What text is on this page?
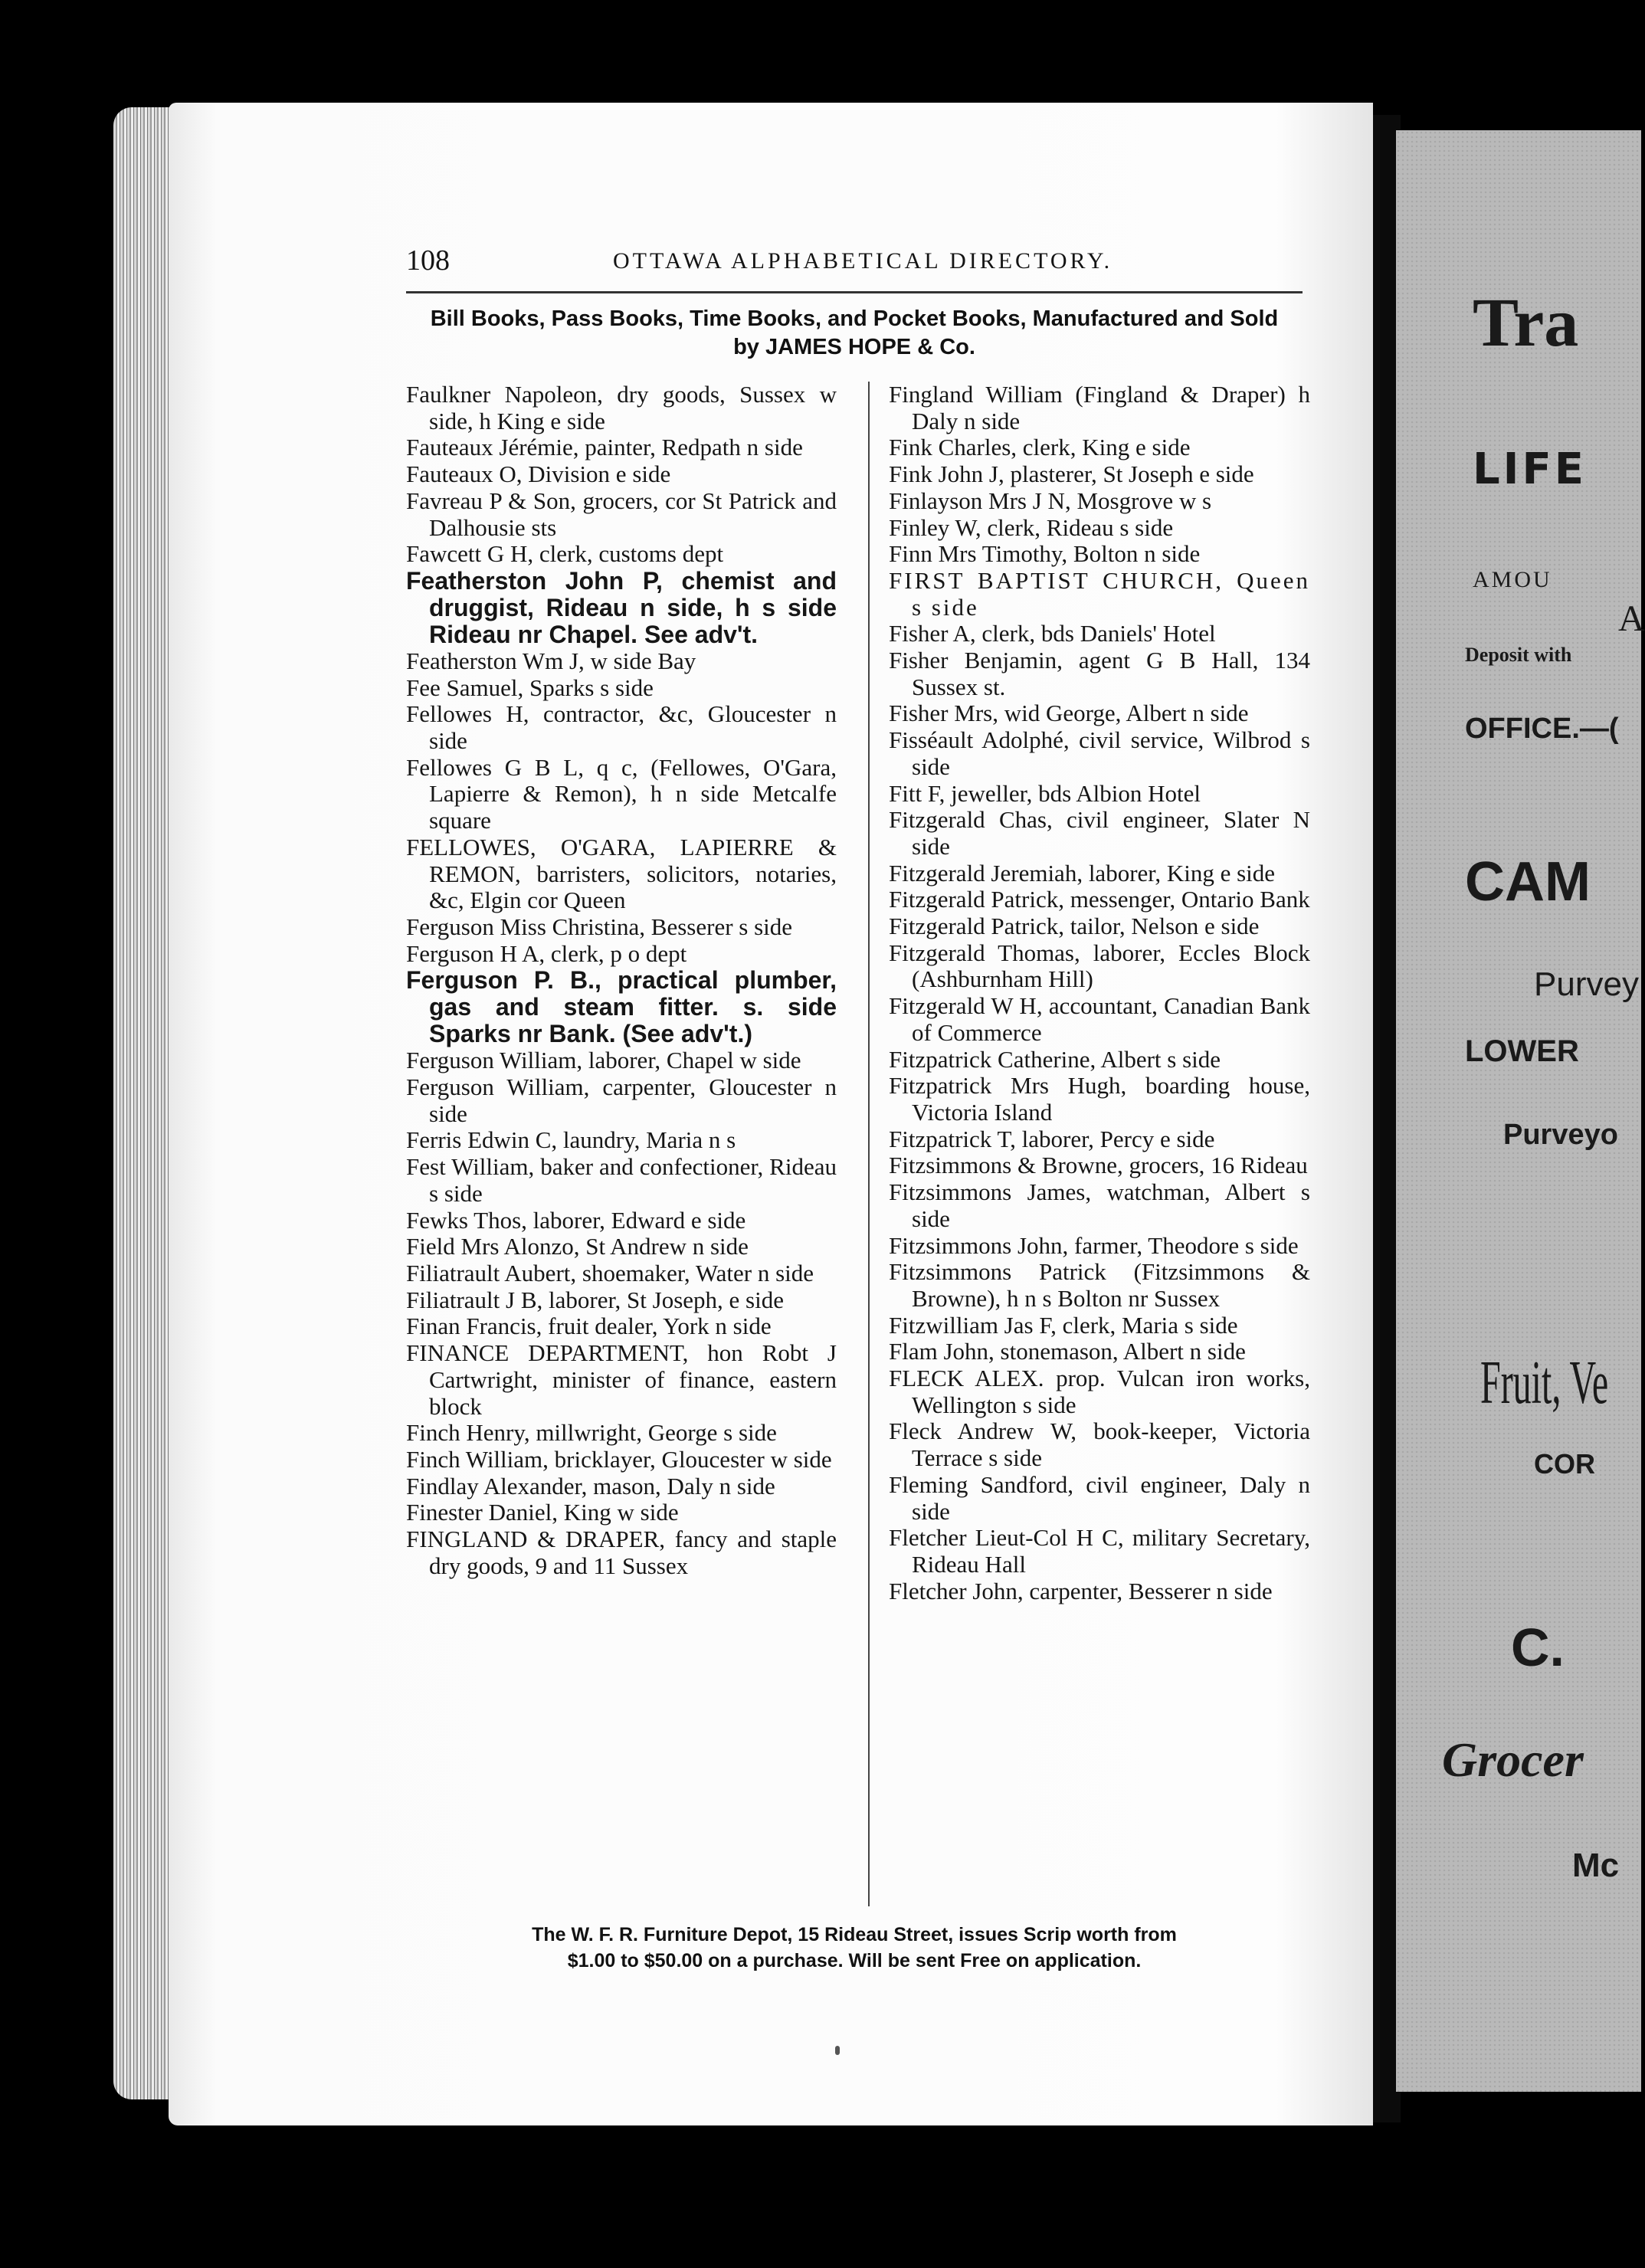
Tra
LIFE
AMOU
A
Deposit with
OFFICE.—(
CAM
Purvey
LOWER
Purveyo
Fruit, Ve
COR
C.
Grocer
Mc
108	OTTAWA ALPHABETICAL DIRECTORY.
Bill Books, Pass Books, Time Books, and Pocket Books, Manufactured and Sold
by JAMES HOPE & Co.
Faulkner Napoleon, dry goods, Sussex w side, h King e side
Fauteaux Jérémie, painter, Redpath n side
Fauteaux O, Division e side
Favreau P & Son, grocers, cor St Patrick and Dalhousie sts
Fawcett G H, clerk, customs dept
Featherston John P, chemist and druggist, Rideau n side, h s side Rideau nr Chapel. See adv't.
Featherston Wm J, w side Bay
Fee Samuel, Sparks s side
Fellowes H, contractor, &c, Gloucester n side
Fellowes G B L, q c, (Fellowes, O'Gara, Lapierre & Remon), h n side Metcalfe square
FELLOWES, O'GARA, LAPIERRE & REMON, barristers, solicitors, notaries, &c, Elgin cor Queen
Ferguson Miss Christina, Besserer s side
Ferguson H A, clerk, p o dept
Ferguson P. B., practical plumber, gas and steam fitter. s. side Sparks nr Bank. (See adv't.)
Ferguson William, laborer, Chapel w side
Ferguson William, carpenter, Gloucester n side
Ferris Edwin C, laundry, Maria n s
Fest William, baker and confectioner, Rideau s side
Fewks Thos, laborer, Edward e side
Field Mrs Alonzo, St Andrew n side
Filiatrault Aubert, shoemaker, Water n side
Filiatrault J B, laborer, St Joseph, e side
Finan Francis, fruit dealer, York n side
FINANCE DEPARTMENT, hon Robt J Cartwright, minister of finance, eastern block
Finch Henry, millwright, George s side
Finch William, bricklayer, Gloucester w side
Findlay Alexander, mason, Daly n side
Finester Daniel, King w side
FINGLAND & DRAPER, fancy and staple dry goods, 9 and 11 Sussex
Fingland William (Fingland & Draper) h Daly n side
Fink Charles, clerk, King e side
Fink John J, plasterer, St Joseph e side
Finlayson Mrs J N, Mosgrove w s
Finley W, clerk, Rideau s side
Finn Mrs Timothy, Bolton n side
FIRST BAPTIST CHURCH, Queen s side
Fisher A, clerk, bds Daniels' Hotel
Fisher Benjamin, agent G B Hall, 134 Sussex st.
Fisher Mrs, wid George, Albert n side
Fisséault Adolphé, civil service, Wilbrod s side
Fitt F, jeweller, bds Albion Hotel
Fitzgerald Chas, civil engineer, Slater N side
Fitzgerald Jeremiah, laborer, King e side
Fitzgerald Patrick, messenger, Ontario Bank
Fitzgerald Patrick, tailor, Nelson e side
Fitzgerald Thomas, laborer, Eccles Block (Ashburnham Hill)
Fitzgerald W H, accountant, Canadian Bank of Commerce
Fitzpatrick Catherine, Albert s side
Fitzpatrick Mrs Hugh, boarding house, Victoria Island
Fitzpatrick T, laborer, Percy e side
Fitzsimmons & Browne, grocers, 16 Rideau
Fitzsimmons James, watchman, Albert s side
Fitzsimmons John, farmer, Theodore s side
Fitzsimmons Patrick (Fitzsimmons & Browne), h n s Bolton nr Sussex
Fitzwilliam Jas F, clerk, Maria s side
Flam John, stonemason, Albert n side
FLECK ALEX. prop. Vulcan iron works, Wellington s side
Fleck Andrew W, book-keeper, Victoria Terrace s side
Fleming Sandford, civil engineer, Daly n side
Fletcher Lieut-Col H C, military Secretary, Rideau Hall
Fletcher John, carpenter, Besserer n side
The W. F. R. Furniture Depot, 15 Rideau Street, issues Scrip worth from
$1.00 to $50.00 on a purchase. Will be sent Free on application.
